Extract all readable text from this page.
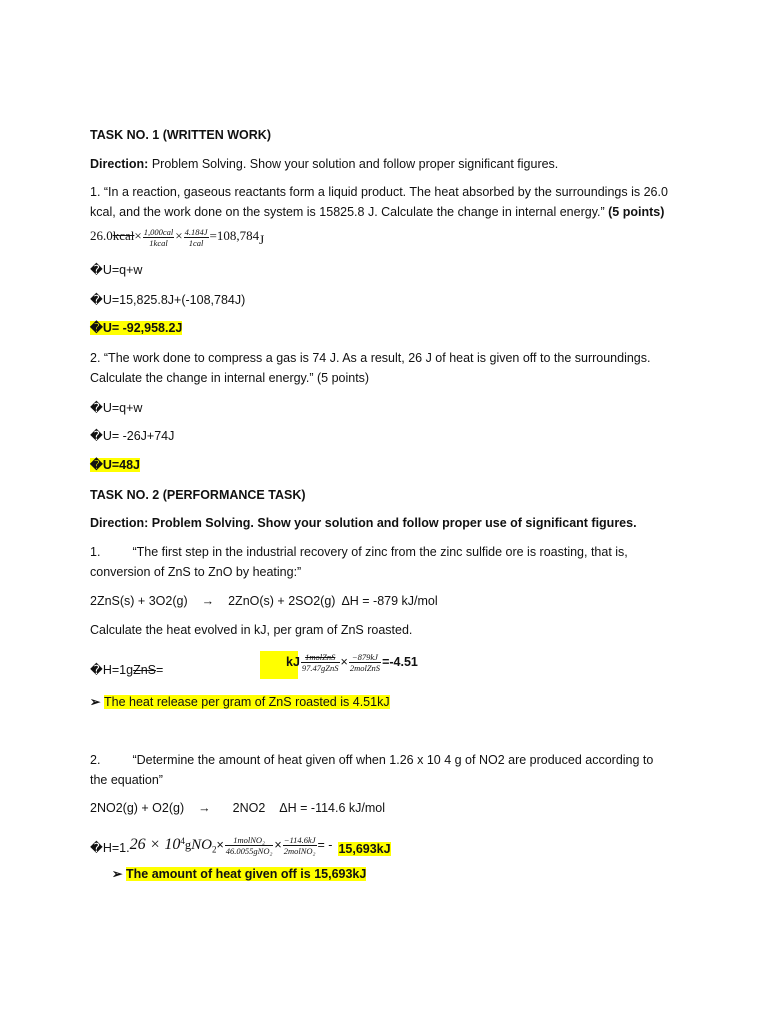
TASK NO. 1 (WRITTEN WORK)
Direction: Problem Solving. Show your solution and follow proper significant figures.
1. “In a reaction, gaseous reactants form a liquid product. The heat absorbed by the surroundings is 26.0
kcal, and the work done on the system is 15825.8 J. Calculate the change in internal energy.” (5 points)
26.0kcal× $\frac{\text{1,000cal}}{\text{1kcal}} \times \frac{4.184J}{\text{1cal}} =108,784J$
�U=q+w
�U=15,825.8J+(-108,784J)
�U= -92,958.2J
2. “The work done to compress a gas is 74 J. As a result, 26 J of heat is given off to the surroundings.
Calculate the change in internal energy.” (5 points)
�U=q+w
�U= -26J+74J
�U=48J
TASK NO. 2 (PERFORMANCE TASK)
Direction: Problem Solving. Show your solution and follow proper use of significant figures.
1.	“The first step in the industrial recovery of zinc from the zinc sulfide ore is roasting, that is,
conversion of ZnS to ZnO by heating:”
2ZnS(s) + 3O2(g) → 2ZnO(s) + 2SO2(g) ΔH = -879 kJ/mol
Calculate the heat evolved in kJ, per gram of ZnS roasted.
�H=1gZnS=
kJ $\frac{\text{1molZnS}}{\text{97.47gZnS}} \times \frac{-879kJ}{\text{2molZnS}} =-4.51$
➢ The heat release per gram of ZnS roasted is 4.51kJ
2.	“Determine the amount of heat given off when 1.26 x 10 4 g of NO2 are produced according to
the equation”
2NO2(g) + O2(g) → 2NO2 ΔH = -114.6 kJ/mol
�H=1.26 × $10^4gNO_2\times \frac{\text{1molNO₂}}{\text{46.0055gNO₂}} \times \frac{-114.6kJ}{\text{2molNO₂}}$ = - 15,693kJ
➢ The amount of heat given off is 15,693kJ
